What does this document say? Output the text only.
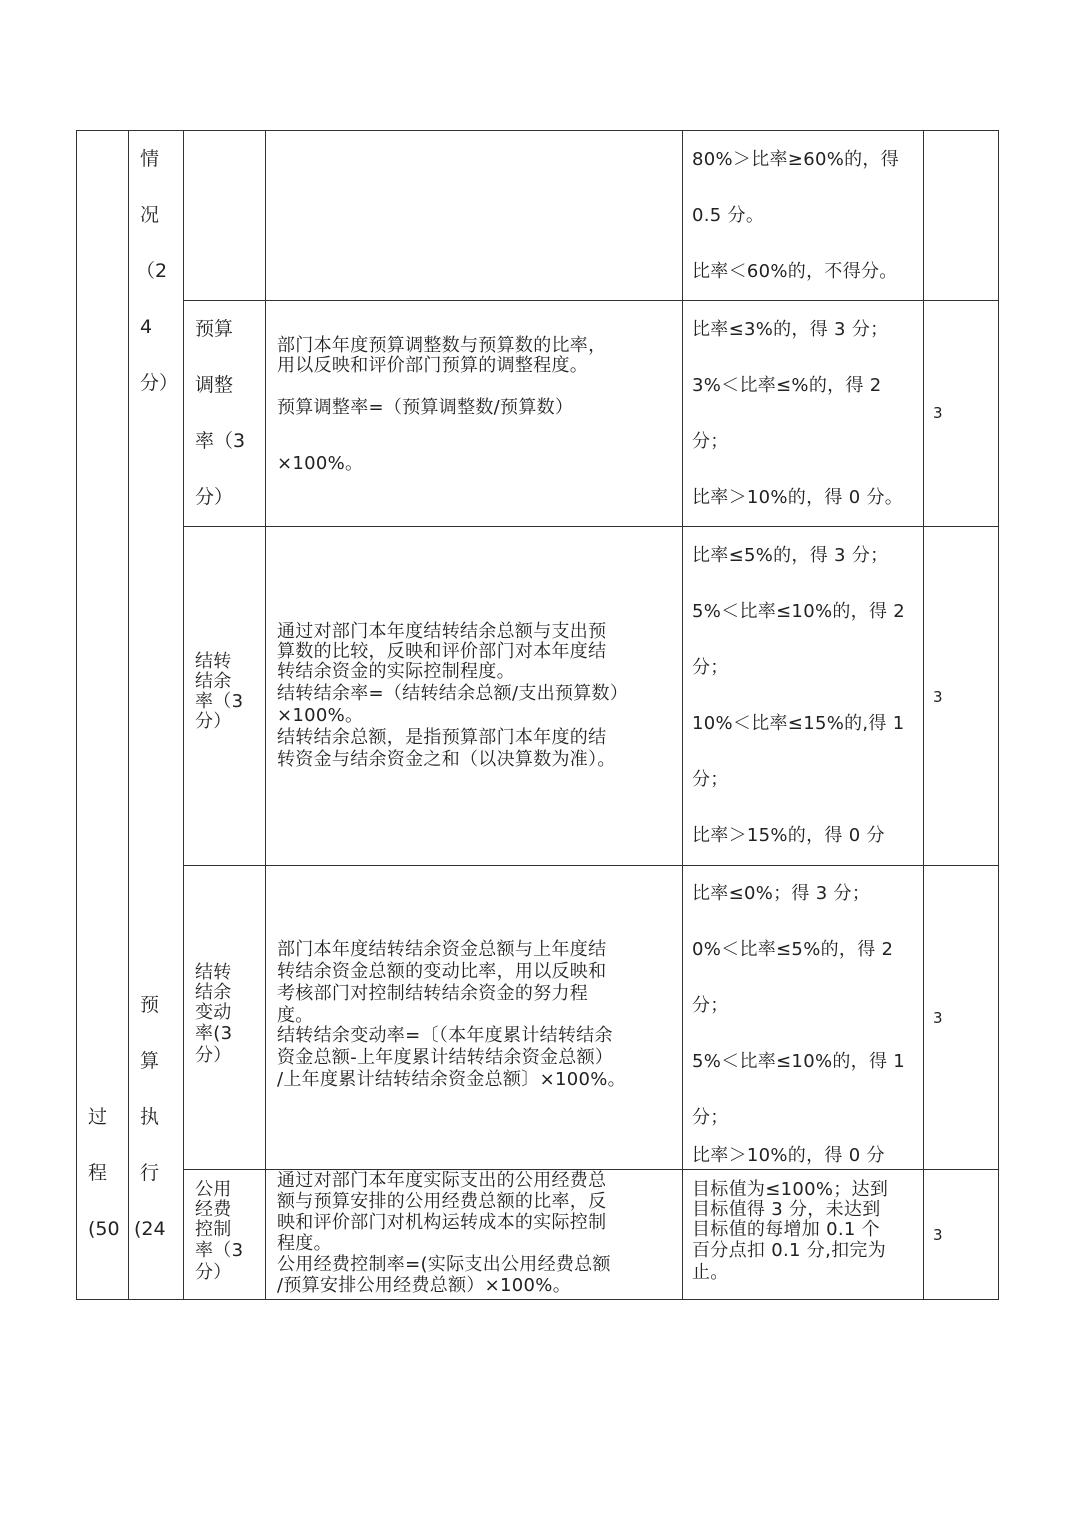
过
程
(50
情
况
（2
4
分）
预
算
执
行
(24
80%＞比率≥60%的，得
0.5 分。
比率＜60%的，不得分。
预算
调整
率（3
分）
部门本年度预算调整数与预算数的比率，
用以反映和评价部门预算的调整程度。
预算调整率=（预算调整数/预算数）
×100%。
比率≤3%的，得 3 分；
3%＜比率≤%的，得 2
分；
比率＞10%的，得 0 分。
3
结转
结余
率（3
分）
通过对部门本年度结转结余总额与支出预
算数的比较，反映和评价部门对本年度结
转结余资金的实际控制程度。
结转结余率=（结转结余总额/支出预算数）
×100%。
结转结余总额，是指预算部门本年度的结
转资金与结余资金之和（以决算数为准）。
比率≤5%的，得 3 分；
5%＜比率≤10%的，得 2
分；
10%＜比率≤15%的,得 1
分；
比率＞15%的，得 0 分
3
结转
结余
变动
率(3
分）
部门本年度结转结余资金总额与上年度结
转结余资金总额的变动比率，用以反映和
考核部门对控制结转结余资金的努力程
度。
结转结余变动率=〔（本年度累计结转结余
资金总额-上年度累计结转结余资金总额）
/上年度累计结转结余资金总额〕×100%。
比率≤0%；得 3 分；
0%＜比率≤5%的，得 2
分；
5%＜比率≤10%的，得 1
分；
比率＞10%的，得 0 分
3
公用
经费
控制
率（3
分）
通过对部门本年度实际支出的公用经费总
额与预算安排的公用经费总额的比率，反
映和评价部门对机构运转成本的实际控制
程度。
公用经费控制率=(实际支出公用经费总额
/预算安排公用经费总额）×100%。
目标值为≤100%；达到
目标值得 3 分，未达到
目标值的每增加 0.1 个
百分点扣 0.1 分,扣完为
止。
3
